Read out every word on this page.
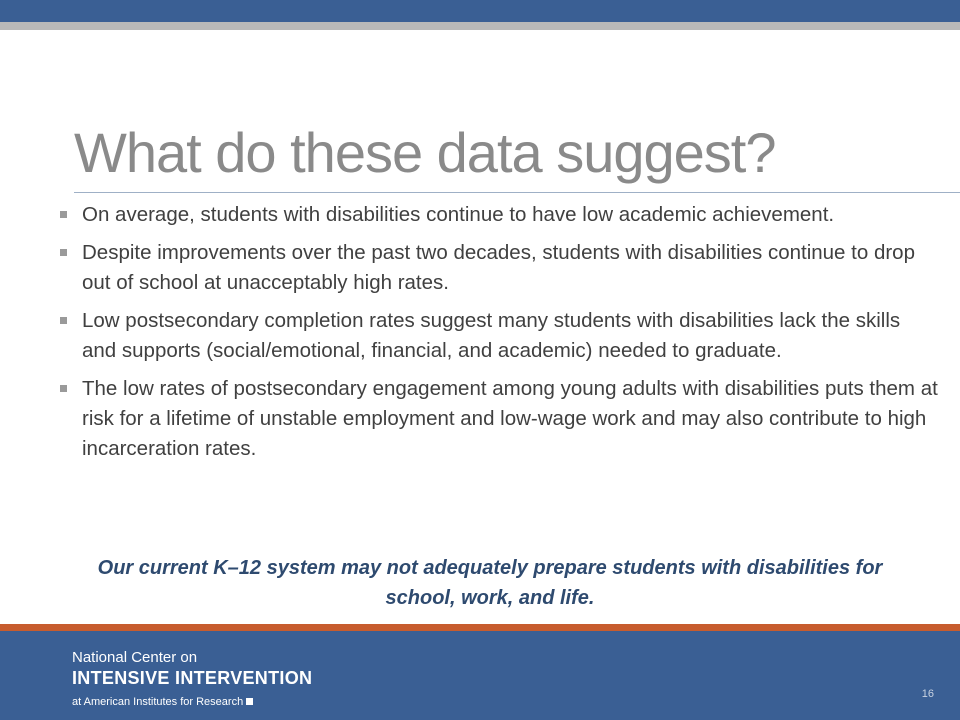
What do these data suggest?
On average, students with disabilities continue to have low academic achievement.
Despite improvements over the past two decades, students with disabilities continue to drop out of school at unacceptably high rates.
Low postsecondary completion rates suggest many students with disabilities lack the skills and supports (social/emotional, financial, and academic) needed to graduate.
The low rates of postsecondary engagement among young adults with disabilities puts them at risk for a lifetime of unstable employment and low-wage work and may also contribute to high incarceration rates.

Our current K–12 system may not adequately prepare students with disabilities for school, work, and life.

National Center on
INTENSIVE INTERVENTION
at American Institutes for Research
16
